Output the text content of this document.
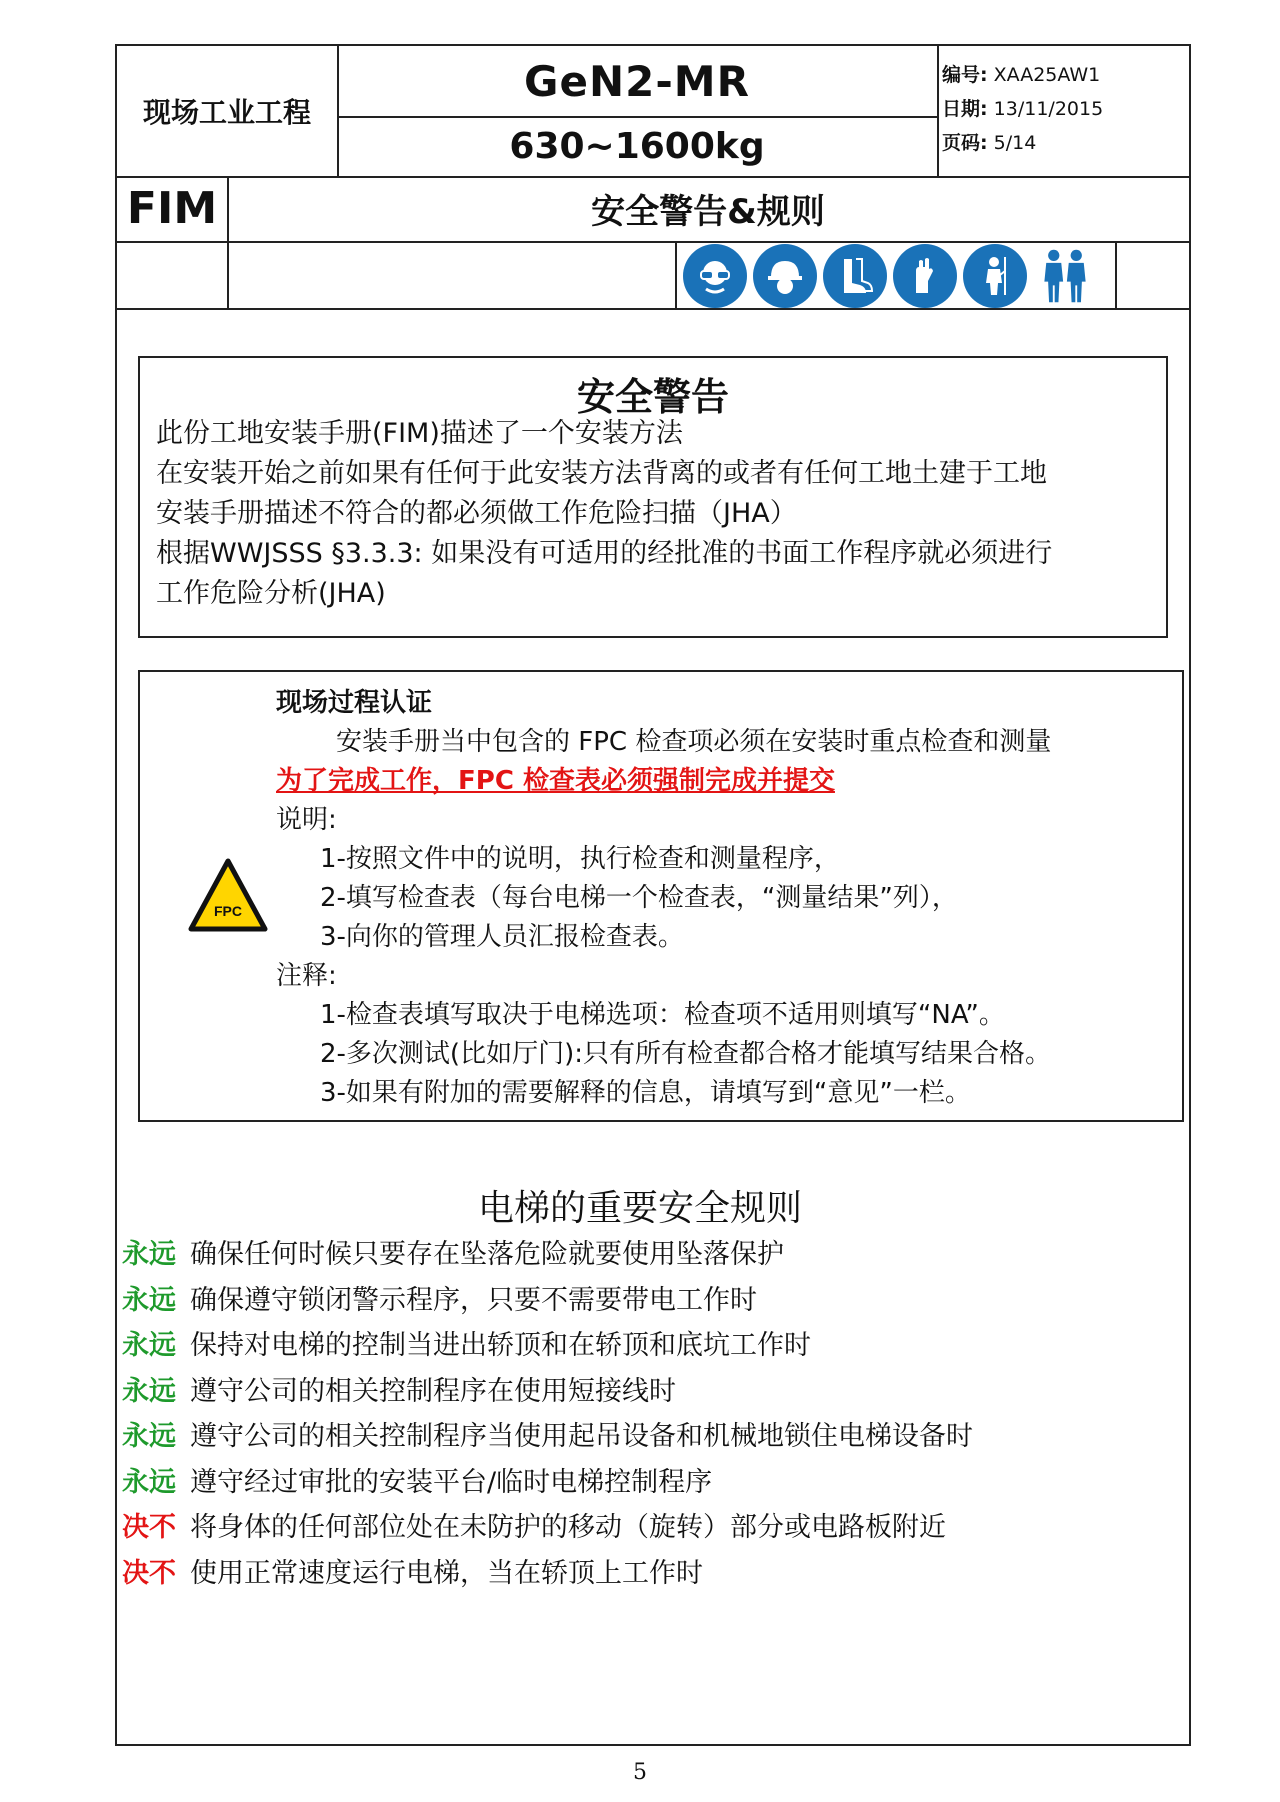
现场工业工程
GeN2-MR
630~1600kg
编号: XAA25AW1
日期: 13/11/2015
页码: 5/14
FIM	安全警告&规则
安全警告
此份工地安装手册(FIM)描述了一个安装方法
在安装开始之前如果有任何于此安装方法背离的或者有任何工地土建于工地
安装手册描述不符合的都必须做工作危险扫描（JHA）
根据WWJSSS §3.3.3: 如果没有可适用的经批准的书面工作程序就必须进行
工作危险分析(JHA)
FPC
现场过程认证
安装手册当中包含的 FPC 检查项必须在安装时重点检查和测量
为了完成工作，FPC 检查表必须强制完成并提交
说明:
1-按照文件中的说明，执行检查和测量程序，
2-填写检查表（每台电梯一个检查表，“测量结果”列），
3-向你的管理人员汇报检查表。
注释:
1-检查表填写取决于电梯选项：检查项不适用则填写“NA”。
2-多次测试(比如厅门):只有所有检查都合格才能填写结果合格。
3-如果有附加的需要解释的信息，请填写到“意见”一栏。
电梯的重要安全规则
永远 确保任何时候只要存在坠落危险就要使用坠落保护
永远 确保遵守锁闭警示程序，只要不需要带电工作时
永远 保持对电梯的控制当进出轿顶和在轿顶和底坑工作时
永远 遵守公司的相关控制程序在使用短接线时
永远 遵守公司的相关控制程序当使用起吊设备和机械地锁住电梯设备时
永远 遵守经过审批的安装平台/临时电梯控制程序
决不 将身体的任何部位处在未防护的移动（旋转）部分或电路板附近
决不 使用正常速度运行电梯，当在轿顶上工作时
5
